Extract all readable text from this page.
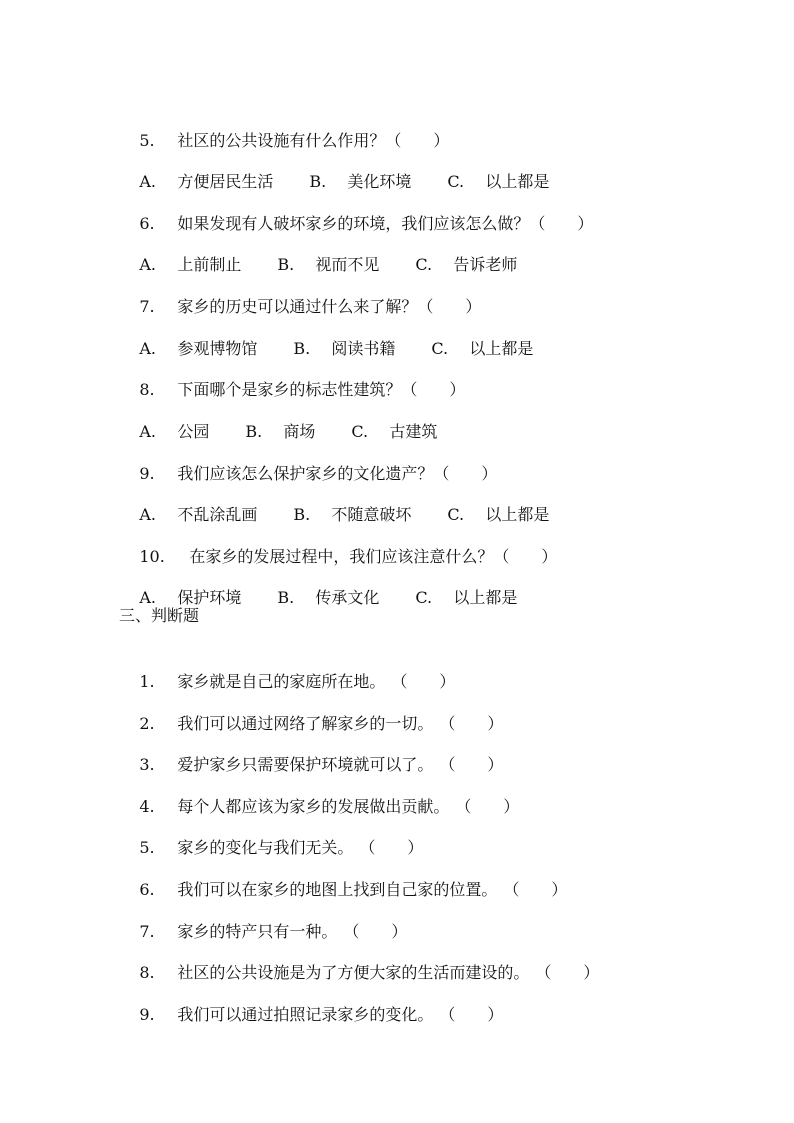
5. 社区的公共设施有什么作用？（　　）

A. 方便居民生活 B. 美化环境 C. 以上都是

6. 如果发现有人破坏家乡的环境，我们应该怎么做？（　　）

A. 上前制止 B. 视而不见 C. 告诉老师

7. 家乡的历史可以通过什么来了解？（　　）

A. 参观博物馆 B. 阅读书籍 C. 以上都是

8. 下面哪个是家乡的标志性建筑？（　　）

A. 公园 B. 商场 C. 古建筑

9. 我们应该怎么保护家乡的文化遗产？（　　）

A. 不乱涂乱画 B. 不随意破坏 C. 以上都是

10. 在家乡的发展过程中，我们应该注意什么？（　　）

A. 保护环境 B. 传承文化 C. 以上都是

三、判断题

1. 家乡就是自己的家庭所在地。 （　　）

2. 我们可以通过网络了解家乡的一切。 （　　）

3. 爱护家乡只需要保护环境就可以了。 （　　）

4. 每个人都应该为家乡的发展做出贡献。 （　　）

5. 家乡的变化与我们无关。 （　　）

6. 我们可以在家乡的地图上找到自己家的位置。 （　　）

7. 家乡的特产只有一种。 （　　）

8. 社区的公共设施是为了方便大家的生活而建设的。 （　　）

9. 我们可以通过拍照记录家乡的变化。 （　　）
